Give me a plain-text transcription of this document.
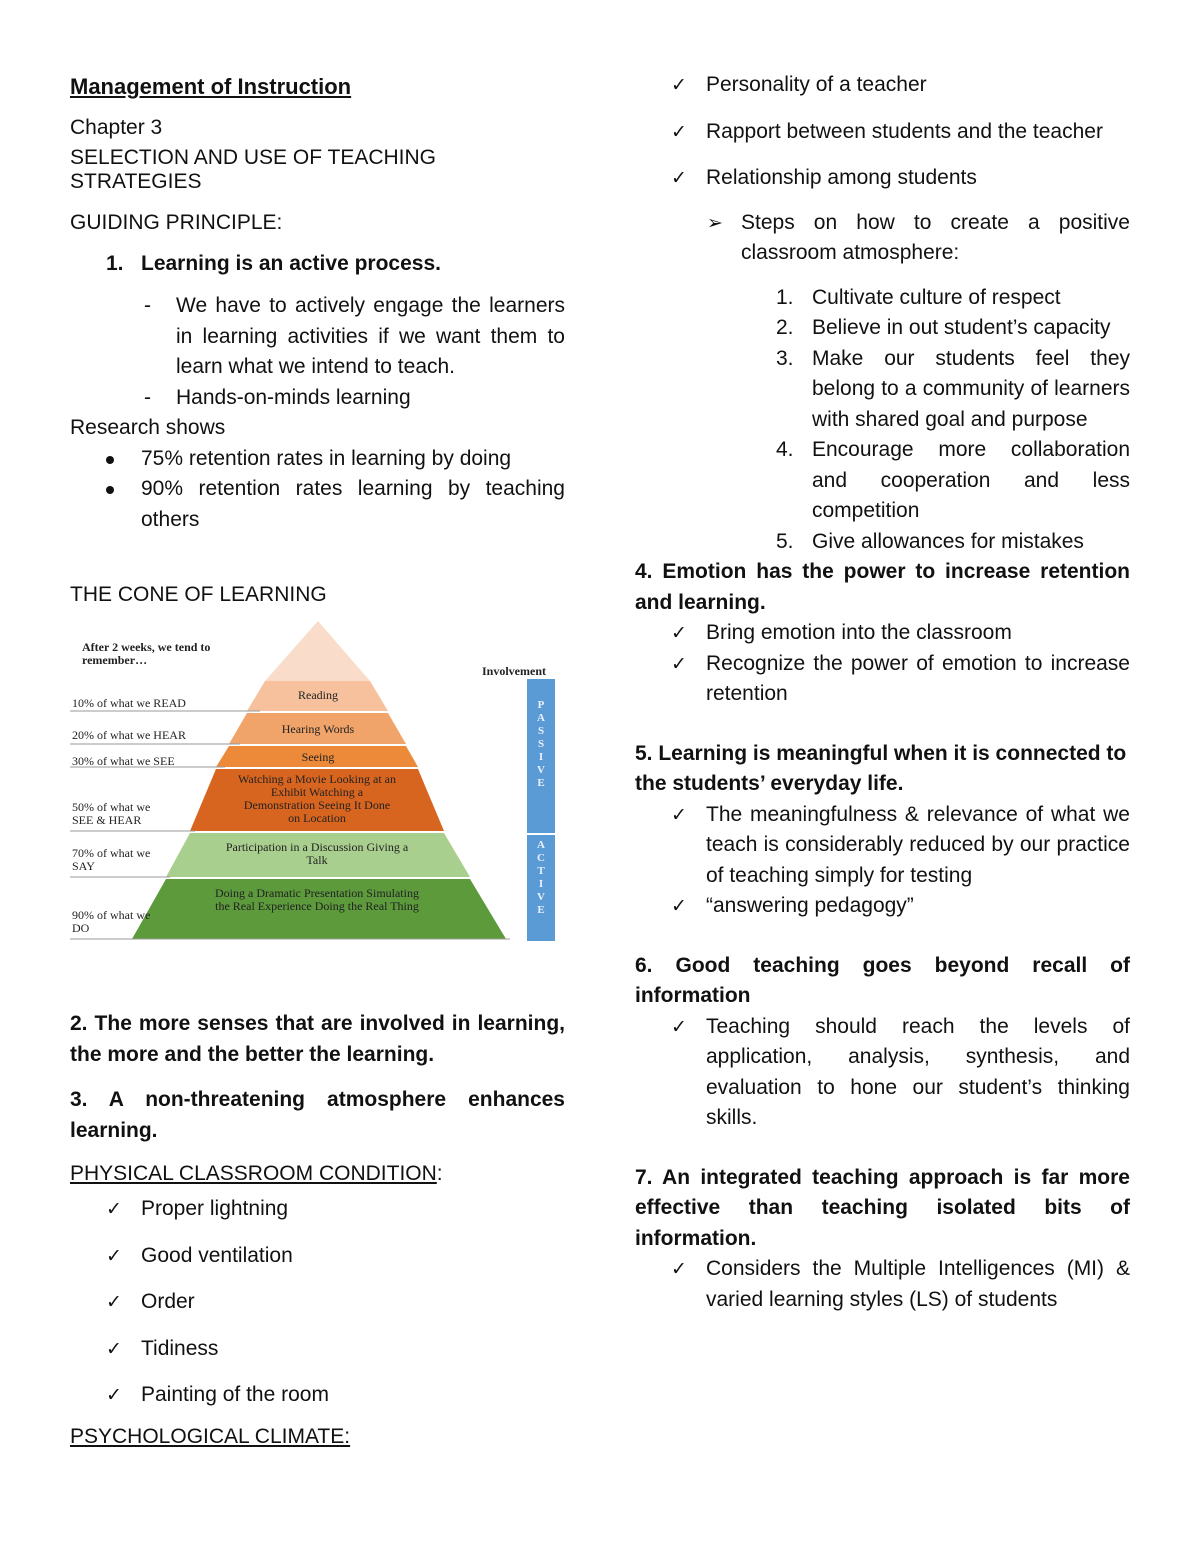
Management of Instruction
Chapter 3
SELECTION AND USE OF TEACHING STRATEGIES
GUIDING PRINCIPLE:
1. Learning is an active process.
- We have to actively engage the learners in learning activities if we want them to learn what we intend to teach.
- Hands-on-minds learning
Research shows
75% retention rates in learning by doing
90% retention rates learning by teaching others
THE CONE OF LEARNING
After 2 weeks, we tend to remember…
Involvement
10% of what we READ
20% of what we HEAR
30% of what we SEE
50% of what we SEE & HEAR
70% of what we SAY
90% of what we DO
Reading
Hearing Words
Seeing
Watching a Movie Looking at an Exhibit Watching a Demonstration Seeing It Done on Location
Participation in a Discussion Giving a Talk
Doing a Dramatic Presentation Simulating the Real Experience Doing the Real Thing
PASSIVE
ACTIVE
2. The more senses that are involved in learning, the more and the better the learning.
3. A non-threatening atmosphere enhances learning.
PHYSICAL CLASSROOM CONDITION:
✓ Proper lightning
✓ Good ventilation
✓ Order
✓ Tidiness
✓ Painting of the room
PSYCHOLOGICAL CLIMATE:
✓ Personality of a teacher
✓ Rapport between students and the teacher
✓ Relationship among students
➢ Steps on how to create a positive classroom atmosphere:
1. Cultivate culture of respect
2. Believe in out student’s capacity
3. Make our students feel they belong to a community of learners with shared goal and purpose
4. Encourage more collaboration and cooperation and less competition
5. Give allowances for mistakes
4. Emotion has the power to increase retention and learning.
✓ Bring emotion into the classroom
✓ Recognize the power of emotion to increase retention
5. Learning is meaningful when it is connected to the students’ everyday life.
✓ The meaningfulness & relevance of what we teach is considerably reduced by our practice of teaching simply for testing
✓ “answering pedagogy”
6. Good teaching goes beyond recall of information
✓ Teaching should reach the levels of application, analysis, synthesis, and evaluation to hone our student’s thinking skills.
7. An integrated teaching approach is far more effective than teaching isolated bits of information.
✓ Considers the Multiple Intelligences (MI) & varied learning styles (LS) of students
